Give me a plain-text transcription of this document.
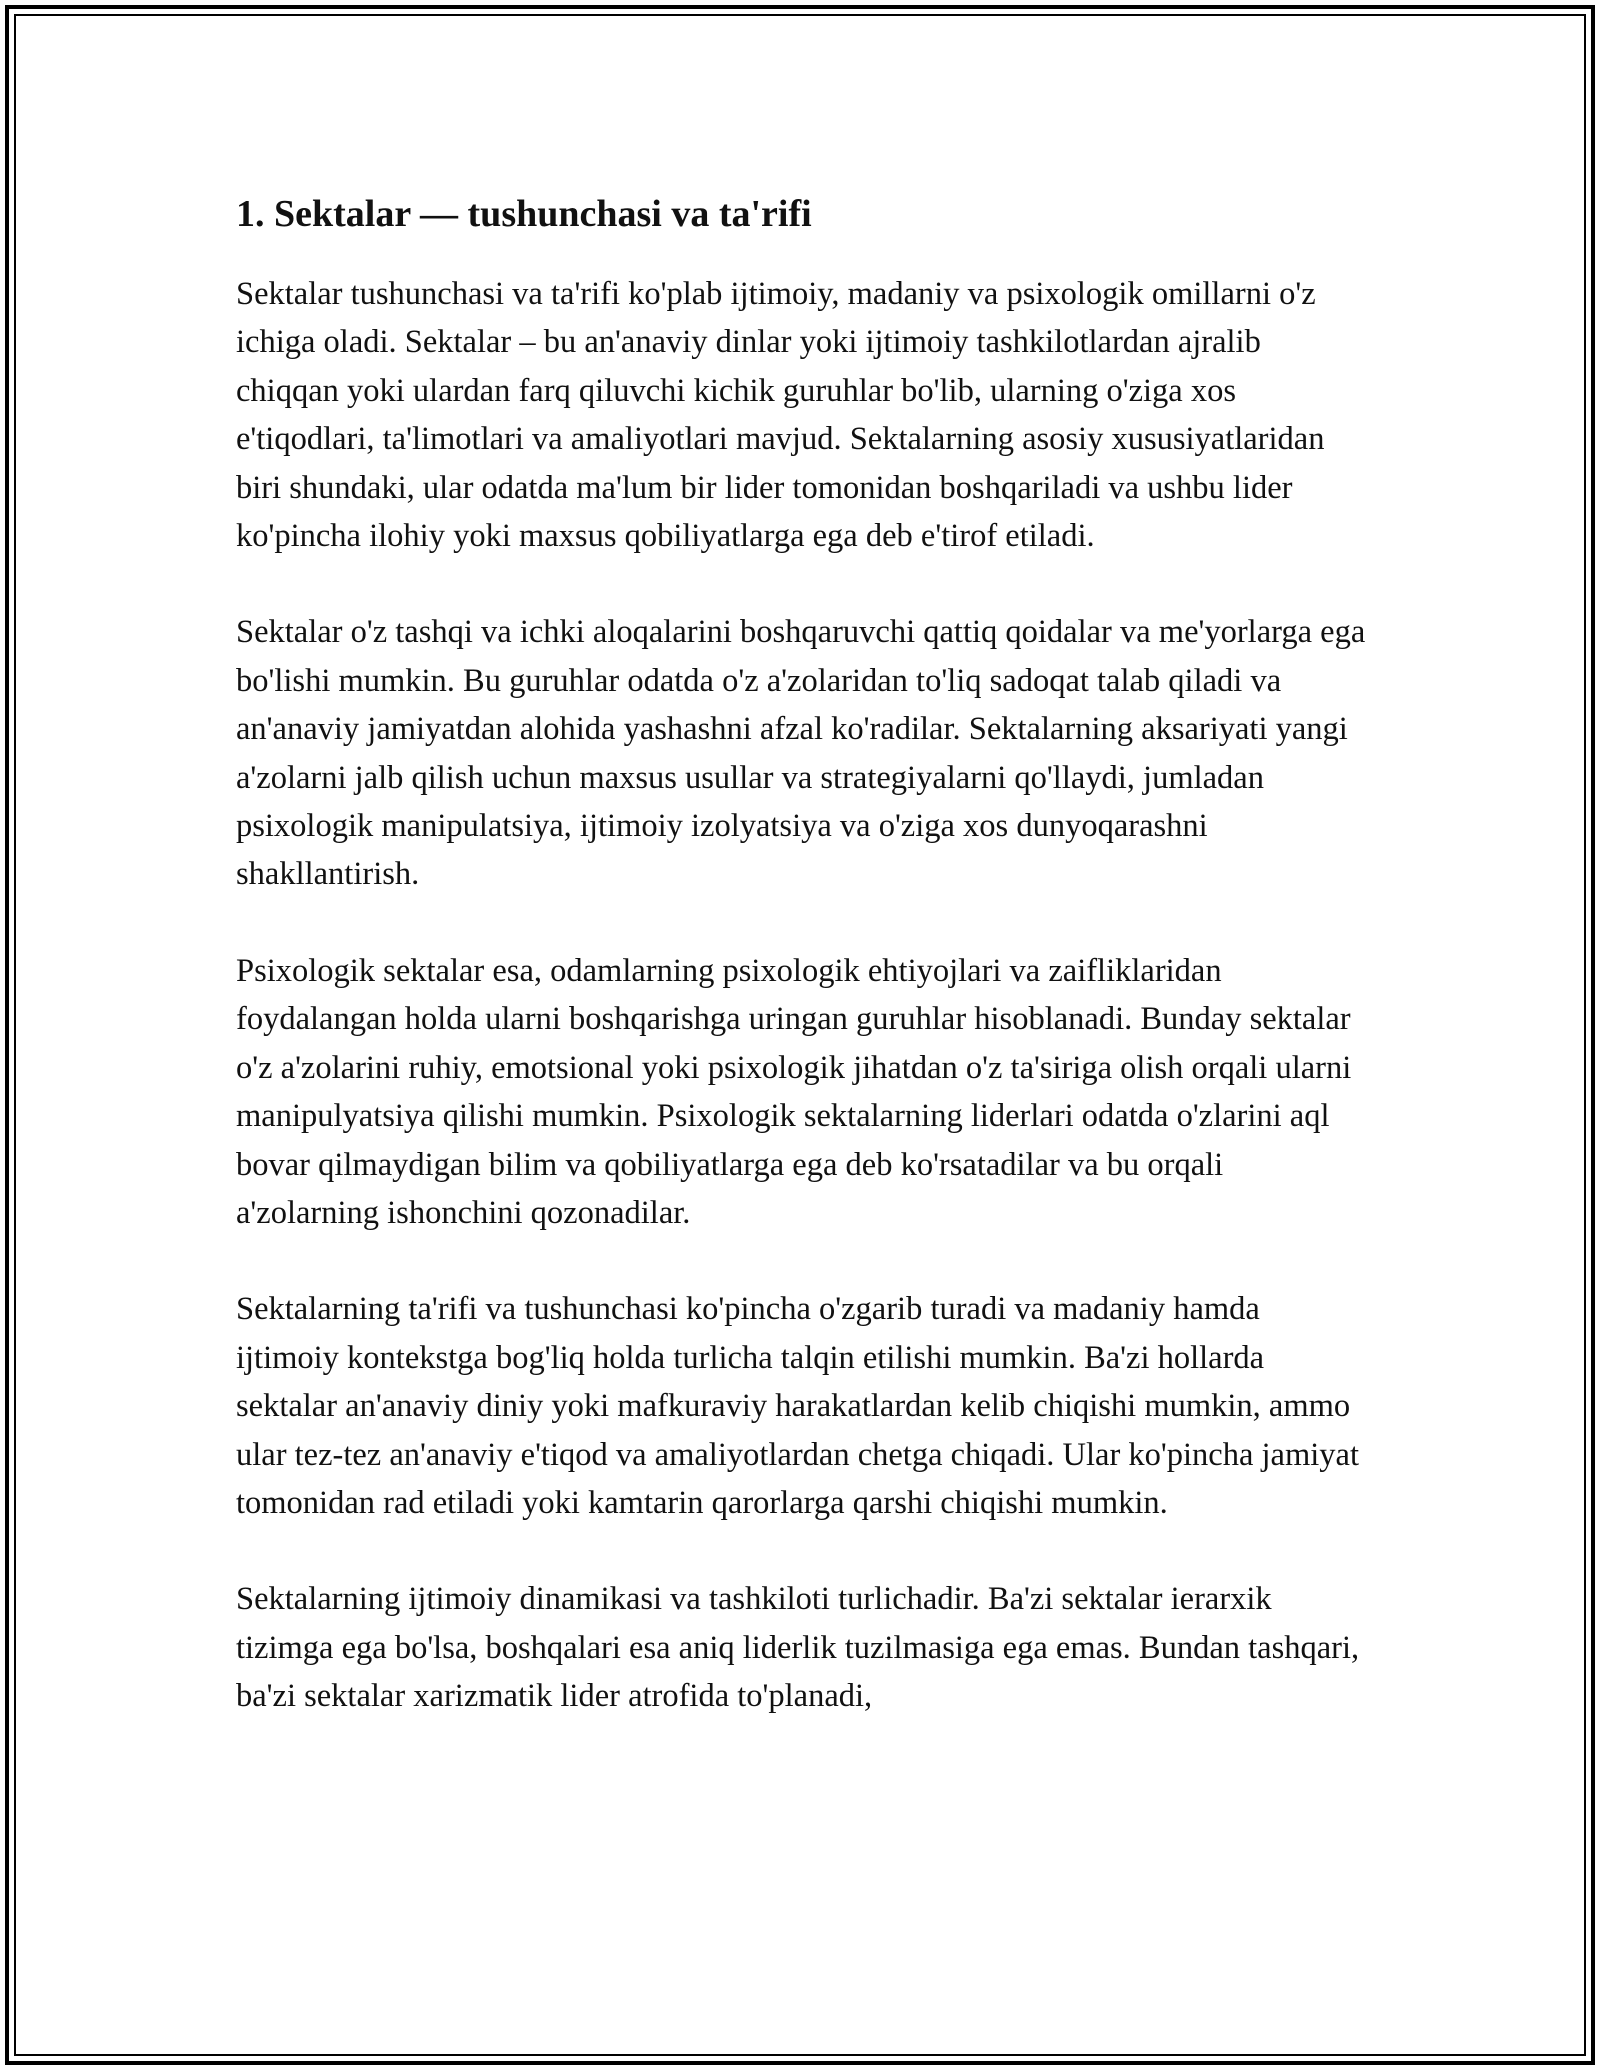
1. Sektalar — tushunchasi va ta'rifi

Sektalar tushunchasi va ta'rifi ko'plab ijtimoiy, madaniy va psixologik omillarni o'z ichiga oladi. Sektalar – bu an'anaviy dinlar yoki ijtimoiy tashkilotlardan ajralib chiqqan yoki ulardan farq qiluvchi kichik guruhlar bo'lib, ularning o'ziga xos e'tiqodlari, ta'limotlari va amaliyotlari mavjud. Sektalarning asosiy xususiyatlaridan biri shundaki, ular odatda ma'lum bir lider tomonidan boshqariladi va ushbu lider ko'pincha ilohiy yoki maxsus qobiliyatlarga ega deb e'tirof etiladi.

Sektalar o'z tashqi va ichki aloqalarini boshqaruvchi qattiq qoidalar va me'yorlarga ega bo'lishi mumkin. Bu guruhlar odatda o'z a'zolaridan to'liq sadoqat talab qiladi va an'anaviy jamiyatdan alohida yashashni afzal ko'radilar. Sektalarning aksariyati yangi a'zolarni jalb qilish uchun maxsus usullar va strategiyalarni qo'llaydi, jumladan psixologik manipulatsiya, ijtimoiy izolyatsiya va o'ziga xos dunyoqarashni shakllantirish.

Psixologik sektalar esa, odamlarning psixologik ehtiyojlari va zaifliklaridan foydalangan holda ularni boshqarishga uringan guruhlar hisoblanadi. Bunday sektalar o'z a'zolarini ruhiy, emotsional yoki psixologik jihatdan o'z ta'siriga olish orqali ularni manipulyatsiya qilishi mumkin. Psixologik sektalarning liderlari odatda o'zlarini aql bovar qilmaydigan bilim va qobiliyatlarga ega deb ko'rsatadilar va bu orqali a'zolarning ishonchini qozonadilar.

Sektalarning ta'rifi va tushunchasi ko'pincha o'zgarib turadi va madaniy hamda ijtimoiy kontekstga bog'liq holda turlicha talqin etilishi mumkin. Ba'zi hollarda sektalar an'anaviy diniy yoki mafkuraviy harakatlardan kelib chiqishi mumkin, ammo ular tez-tez an'anaviy e'tiqod va amaliyotlardan chetga chiqadi. Ular ko'pincha jamiyat tomonidan rad etiladi yoki kamtarin qarorlarga qarshi chiqishi mumkin.

Sektalarning ijtimoiy dinamikasi va tashkiloti turlichadir. Ba'zi sektalar ierarxik tizimga ega bo'lsa, boshqalari esa aniq liderlik tuzilmasiga ega emas. Bundan tashqari, ba'zi sektalar xarizmatik lider atrofida to'planadi,
